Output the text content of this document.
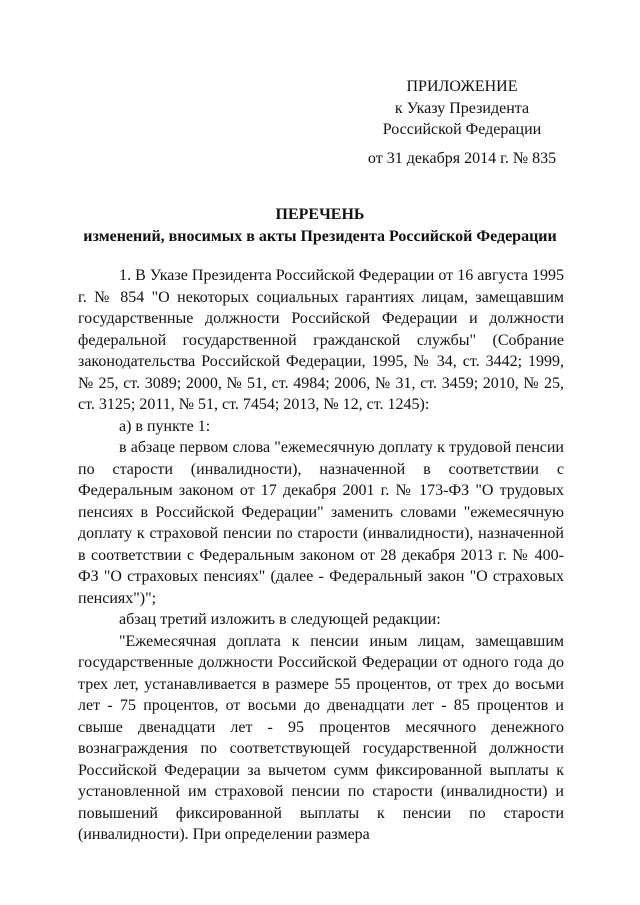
ПРИЛОЖЕНИЕ
к Указу Президента
Российской Федерации
от 31 декабря 2014 г. № 835
ПЕРЕЧЕНЬ
изменений, вносимых в акты Президента Российской Федерации

1. В Указе Президента Российской Федерации от 16 августа 1995 г. № 854 "О некоторых социальных гарантиях лицам, замещавшим государственные должности Российской Федерации и должности федеральной государственной гражданской службы" (Собрание законодательства Российской Федерации, 1995, № 34, ст. 3442; 1999, № 25, ст. 3089; 2000, № 51, ст. 4984; 2006, № 31, ст. 3459; 2010, № 25, ст. 3125; 2011, № 51, ст. 7454; 2013, № 12, ст. 1245):

а) в пункте 1:

в абзаце первом слова "ежемесячную доплату к трудовой пенсии по старости (инвалидности), назначенной в соответствии с Федеральным законом от 17 декабря 2001 г. № 173-ФЗ "О трудовых пенсиях в Российской Федерации" заменить словами "ежемесячную доплату к страховой пенсии по старости (инвалидности), назначенной в соответствии с Федеральным законом от 28 декабря 2013 г. № 400-ФЗ "О страховых пенсиях" (далее - Федеральный закон "О страховых пенсиях")";

абзац третий изложить в следующей редакции:

"Ежемесячная доплата к пенсии иным лицам, замещавшим государственные должности Российской Федерации от одного года до трех лет, устанавливается в размере 55 процентов, от трех до восьми лет - 75 процентов, от восьми до двенадцати лет - 85 процентов и свыше двенадцати лет - 95 процентов месячного денежного вознаграждения по соответствующей государственной должности Российской Федерации за вычетом сумм фиксированной выплаты к установленной им страховой пенсии по старости (инвалидности) и повышений фиксированной выплаты к пенсии по старости (инвалидности). При определении размера
